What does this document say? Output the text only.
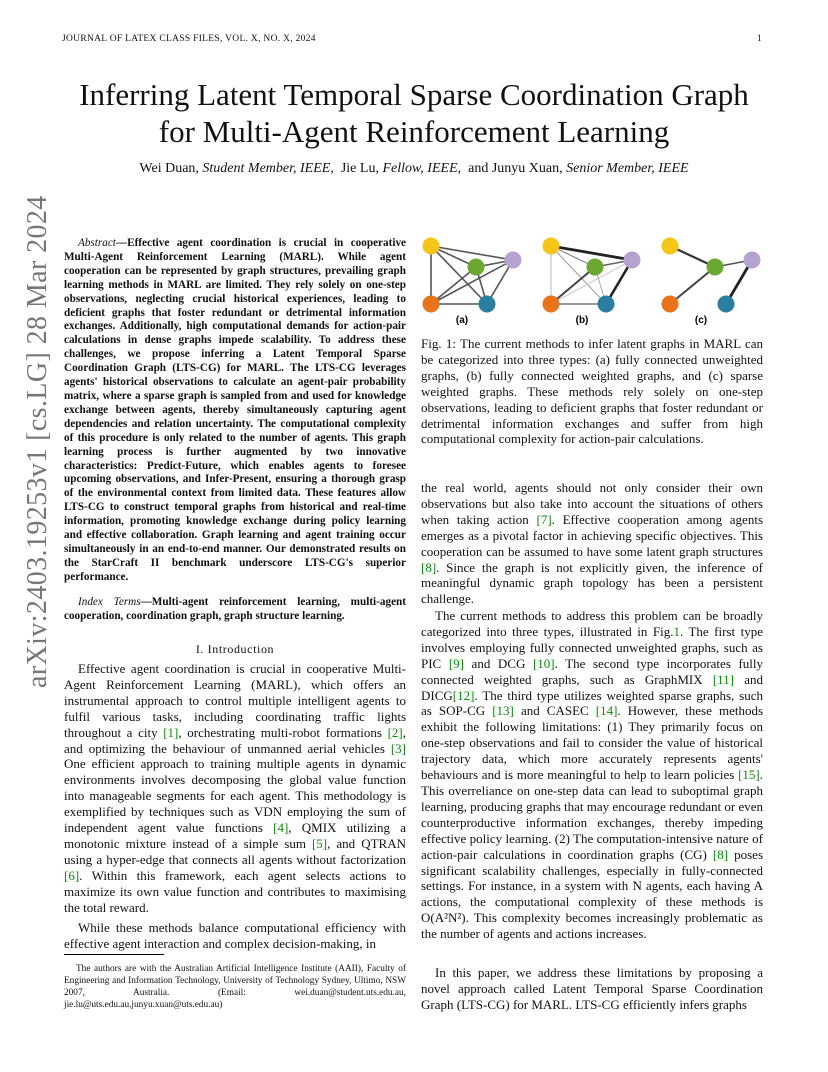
JOURNAL OF LATEX CLASS FILES, VOL. X, NO. X, 2024	1
arXiv:2403.19253v1 [cs.LG] 28 Mar 2024
Inferring Latent Temporal Sparse Coordination Graph for Multi-Agent Reinforcement Learning
Wei Duan, Student Member, IEEE, Jie Lu, Fellow, IEEE, and Junyu Xuan, Senior Member, IEEE
Abstract—Effective agent coordination is crucial in cooperative Multi-Agent Reinforcement Learning (MARL). While agent cooperation can be represented by graph structures, prevailing graph learning methods in MARL are limited. They rely solely on one-step observations, neglecting crucial historical experiences, leading to deficient graphs that foster redundant or detrimental information exchanges. Additionally, high computational demands for action-pair calculations in dense graphs impede scalability. To address these challenges, we propose inferring a Latent Temporal Sparse Coordination Graph (LTS-CG) for MARL. The LTS-CG leverages agents' historical observations to calculate an agent-pair probability matrix, where a sparse graph is sampled from and used for knowledge exchange between agents, thereby simultaneously capturing agent dependencies and relation uncertainty. The computational complexity of this procedure is only related to the number of agents. This graph learning process is further augmented by two innovative characteristics: Predict-Future, which enables agents to foresee upcoming observations, and Infer-Present, ensuring a thorough grasp of the environmental context from limited data. These features allow LTS-CG to construct temporal graphs from historical and real-time information, promoting knowledge exchange during policy learning and effective collaboration. Graph learning and agent training occur simultaneously in an end-to-end manner. Our demonstrated results on the StarCraft II benchmark underscore LTS-CG's superior performance.
Index Terms—Multi-agent reinforcement learning, multi-agent cooperation, coordination graph, graph structure learning.
I. Introduction
Effective agent coordination is crucial in cooperative Multi-Agent Reinforcement Learning (MARL), which offers an instrumental approach to control multiple intelligent agents to fulfil various tasks, including coordinating traffic lights throughout a city [1], orchestrating multi-robot formations [2], and optimizing the behaviour of unmanned aerial vehicles [3] One efficient approach to training multiple agents in dynamic environments involves decomposing the global value function into manageable segments for each agent. This methodology is exemplified by techniques such as VDN employing the sum of independent agent value functions [4], QMIX utilizing a monotonic mixture instead of a simple sum [5], and QTRAN using a hyper-edge that connects all agents without factorization [6]. Within this framework, each agent selects actions to maximize its own value function and contributes to maximising the total reward.
While these methods balance computational efficiency with effective agent interaction and complex decision-making, in
The authors are with the Australian Artificial Intelligence Institute (AAII), Faculty of Engineering and Information Technology, University of Technology Sydney, Ultimo, NSW 2007, Australia. (Email: wei.duan@student.uts.edu.au, jie.lu@uts.edu.au,junyu.xuan@uts.edu.au)
(a)	(b)	(c)
Fig. 1: The current methods to infer latent graphs in MARL can be categorized into three types: (a) fully connected unweighted graphs, (b) fully connected weighted graphs, and (c) sparse weighted graphs. These methods rely solely on one-step observations, leading to deficient graphs that foster redundant or detrimental information exchanges and suffer from high computational complexity for action-pair calculations.
the real world, agents should not only consider their own observations but also take into account the situations of others when taking action [7]. Effective cooperation among agents emerges as a pivotal factor in achieving specific objectives. This cooperation can be assumed to have some latent graph structures [8]. Since the graph is not explicitly given, the inference of meaningful dynamic graph topology has been a persistent challenge.
The current methods to address this problem can be broadly categorized into three types, illustrated in Fig.1. The first type involves employing fully connected unweighted graphs, such as PIC [9] and DCG [10]. The second type incorporates fully connected weighted graphs, such as GraphMIX [11] and DICG[12]. The third type utilizes weighted sparse graphs, such as SOP-CG [13] and CASEC [14]. However, these methods exhibit the following limitations: (1) They primarily focus on one-step observations and fail to consider the value of historical trajectory data, which more accurately represents agents' behaviours and is more meaningful to help to learn policies [15]. This overreliance on one-step data can lead to suboptimal graph learning, producing graphs that may encourage redundant or even counterproductive information exchanges, thereby impeding effective policy learning. (2) The computation-intensive nature of action-pair calculations in coordination graphs (CG) [8] poses significant scalability challenges, especially in fully-connected settings. For instance, in a system with N agents, each having A actions, the computational complexity of these methods is O(A²N²). This complexity becomes increasingly problematic as the number of agents and actions increases.
In this paper, we address these limitations by proposing a novel approach called Latent Temporal Sparse Coordination Graph (LTS-CG) for MARL. LTS-CG efficiently infers graphs
